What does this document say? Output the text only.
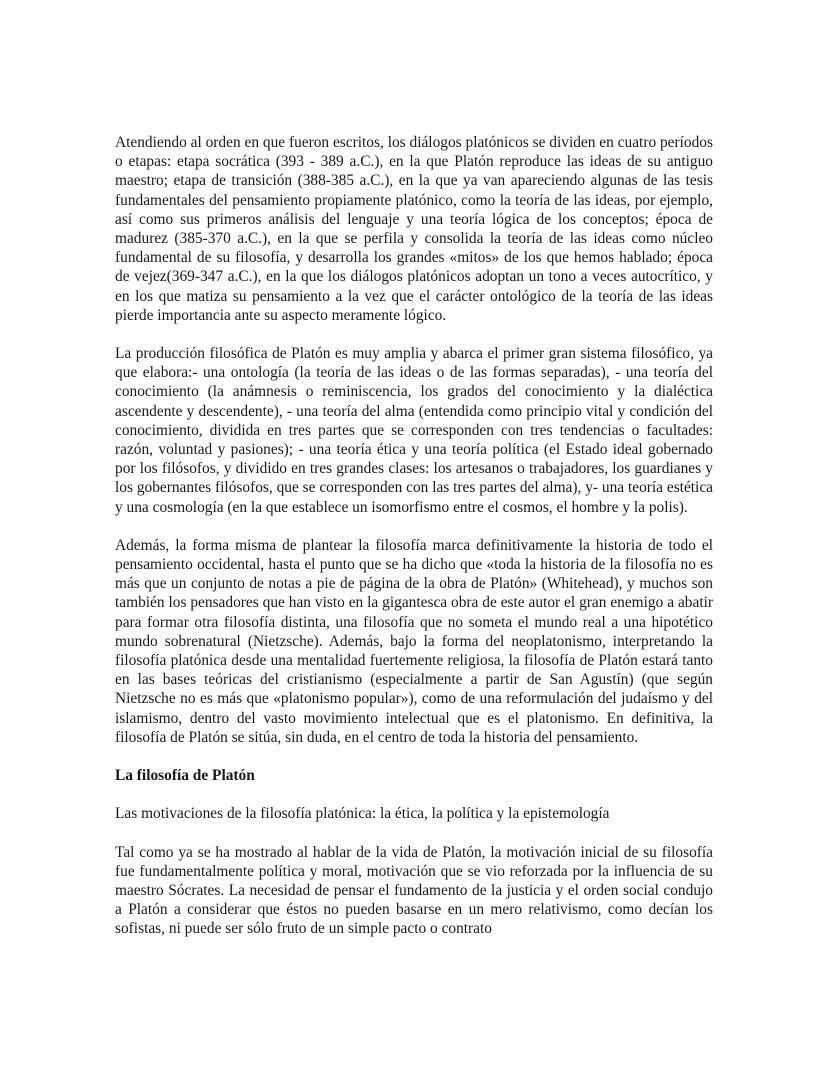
Atendiendo al orden en que fueron escritos, los diálogos platónicos se dividen en cuatro períodos o etapas: etapa socrática (393 - 389 a.C.), en la que Platón reproduce las ideas de su antiguo maestro; etapa de transición (388-385 a.C.), en la que ya van apareciendo algunas de las tesis fundamentales del pensamiento propiamente platónico, como la teoría de las ideas, por ejemplo, así como sus primeros análisis del lenguaje y una teoría lógica de los conceptos; época de madurez (385-370 a.C.), en la que se perfila y consolida la teoría de las ideas como núcleo fundamental de su filosofía, y desarrolla los grandes «mitos» de los que hemos hablado; época de vejez(369-347 a.C.), en la que los diálogos platónicos adoptan un tono a veces autocrítico, y en los que matiza su pensamiento a la vez que el carácter ontológico de la teoría de las ideas pierde importancia ante su aspecto meramente lógico.

La producción filosófica de Platón es muy amplia y abarca el primer gran sistema filosófico, ya que elabora:- una ontología (la teoría de las ideas o de las formas separadas), - una teoría del conocimiento (la anámnesis o reminiscencia, los grados del conocimiento y la dialéctica ascendente y descendente), - una teoría del alma (entendida como principio vital y condición del conocimiento, dividida en tres partes que se corresponden con tres tendencias o facultades: razón, voluntad y pasiones); - una teoría ética y una teoría política (el Estado ideal gobernado por los filósofos, y dividido en tres grandes clases: los artesanos o trabajadores, los guardianes y los gobernantes filósofos, que se corresponden con las tres partes del alma), y- una teoría estética y una cosmología (en la que establece un isomorfismo entre el cosmos, el hombre y la polis).

Además, la forma misma de plantear la filosofía marca definitivamente la historia de todo el pensamiento occidental, hasta el punto que se ha dicho que «toda la historia de la filosofía no es más que un conjunto de notas a pie de página de la obra de Platón» (Whitehead), y muchos son también los pensadores que han visto en la gigantesca obra de este autor el gran enemigo a abatir para formar otra filosofía distinta, una filosofía que no someta el mundo real a una hipotético mundo sobrenatural (Nietzsche). Además, bajo la forma del neoplatonismo, interpretando la filosofía platónica desde una mentalidad fuertemente religiosa, la filosofía de Platón estará tanto en las bases teóricas del cristianismo (especialmente a partir de San Agustín) (que según Nietzsche no es más que «platonismo popular»), como de una reformulación del judaísmo y del islamismo, dentro del vasto movimiento intelectual que es el platonismo. En definitiva, la filosofía de Platón se sitúa, sin duda, en el centro de toda la historia del pensamiento.

La filosofía de Platón
Las motivaciones de la filosofía platónica: la ética, la política y la epistemología

Tal como ya se ha mostrado al hablar de la vida de Platón, la motivación inicial de su filosofía fue fundamentalmente política y moral, motivación que se vio reforzada por la influencia de su maestro Sócrates. La necesidad de pensar el fundamento de la justicia y el orden social condujo a Platón a considerar que éstos no pueden basarse en un mero relativismo, como decían los sofistas, ni puede ser sólo fruto de un simple pacto o contrato
